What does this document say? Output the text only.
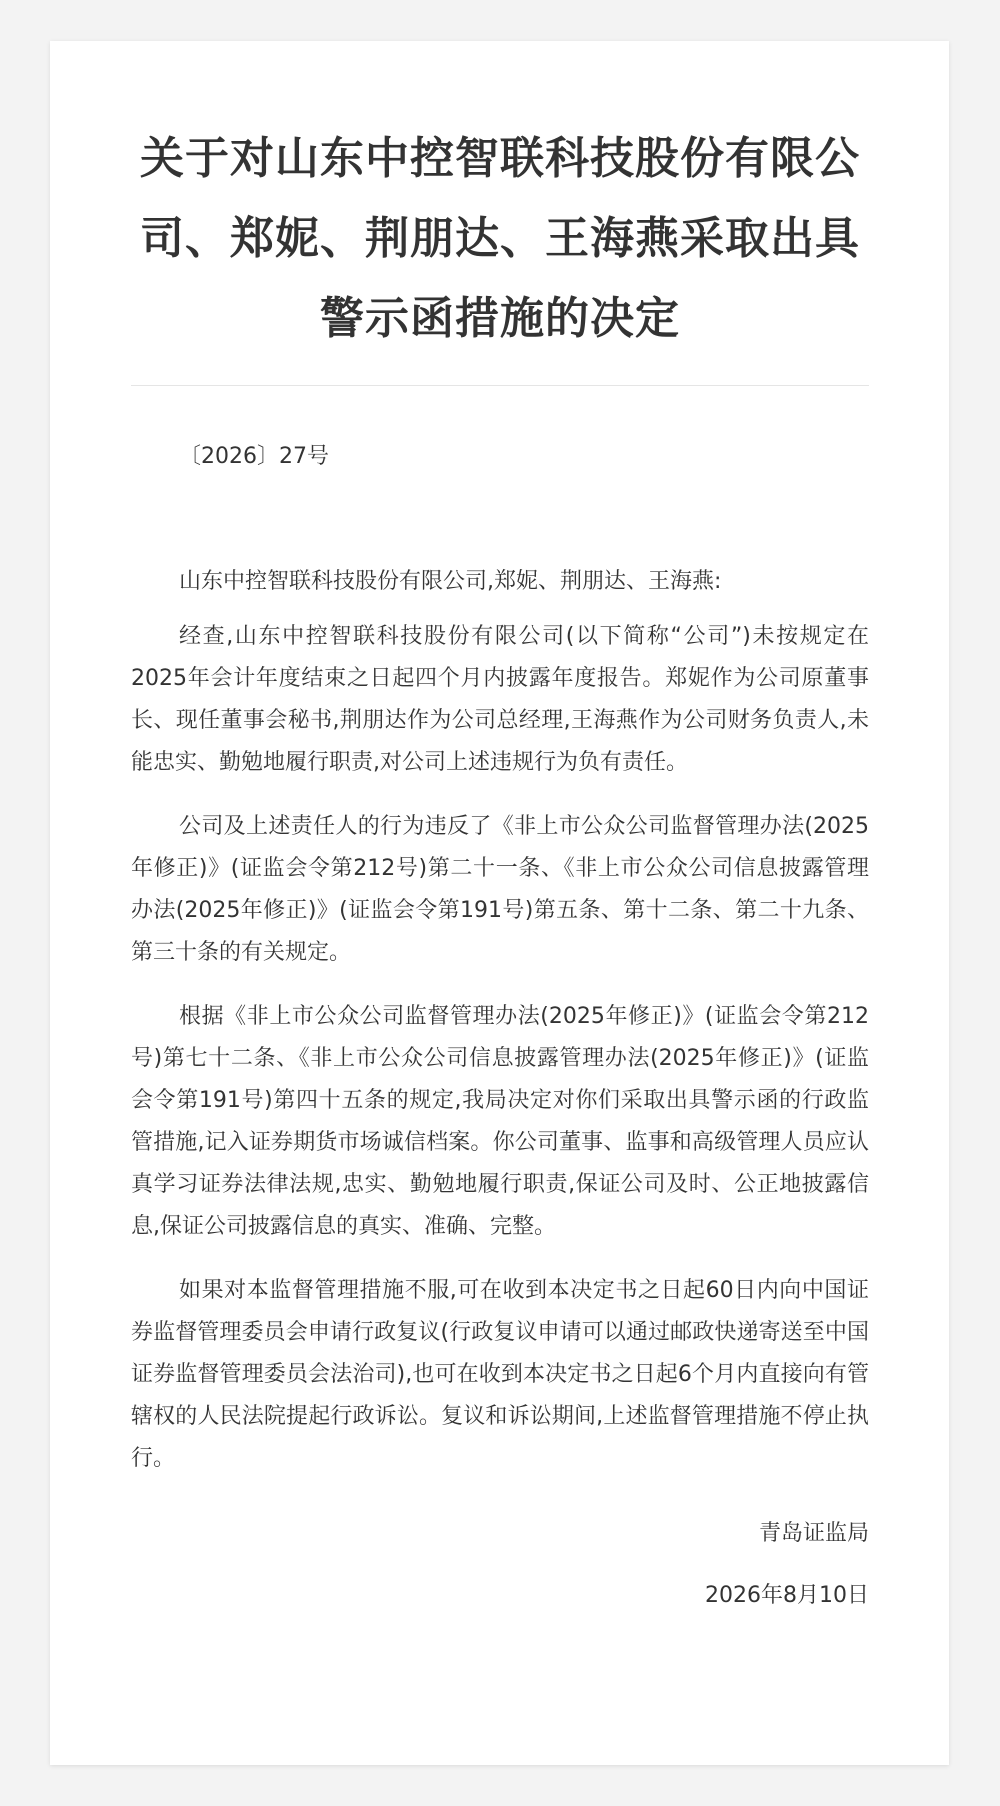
关于对山东中控智联科技股份有限公司、郑妮、荆朋达、王海燕采取出具警示函措施的决定
〔2026〕27号
山东中控智联科技股份有限公司,郑妮、荆朋达、王海燕:

经查,山东中控智联科技股份有限公司(以下简称“公司”)未按规定在2025年会计年度结束之日起四个月内披露年度报告。郑妮作为公司原董事长、现任董事会秘书,荆朋达作为公司总经理,王海燕作为公司财务负责人,未能忠实、勤勉地履行职责,对公司上述违规行为负有责任。

公司及上述责任人的行为违反了《非上市公众公司监督管理办法(2025年修正)》(证监会令第212号)第二十一条、《非上市公众公司信息披露管理办法(2025年修正)》(证监会令第191号)第五条、第十二条、第二十九条、第三十条的有关规定。

根据《非上市公众公司监督管理办法(2025年修正)》(证监会令第212号)第七十二条、《非上市公众公司信息披露管理办法(2025年修正)》(证监会令第191号)第四十五条的规定,我局决定对你们采取出具警示函的行政监管措施,记入证券期货市场诚信档案。你公司董事、监事和高级管理人员应认真学习证券法律法规,忠实、勤勉地履行职责,保证公司及时、公正地披露信息,保证公司披露信息的真实、准确、完整。

如果对本监督管理措施不服,可在收到本决定书之日起60日内向中国证券监督管理委员会申请行政复议(行政复议申请可以通过邮政快递寄送至中国证券监督管理委员会法治司),也可在收到本决定书之日起6个月内直接向有管辖权的人民法院提起行政诉讼。复议和诉讼期间,上述监督管理措施不停止执行。

青岛证监局
2026年8月10日
